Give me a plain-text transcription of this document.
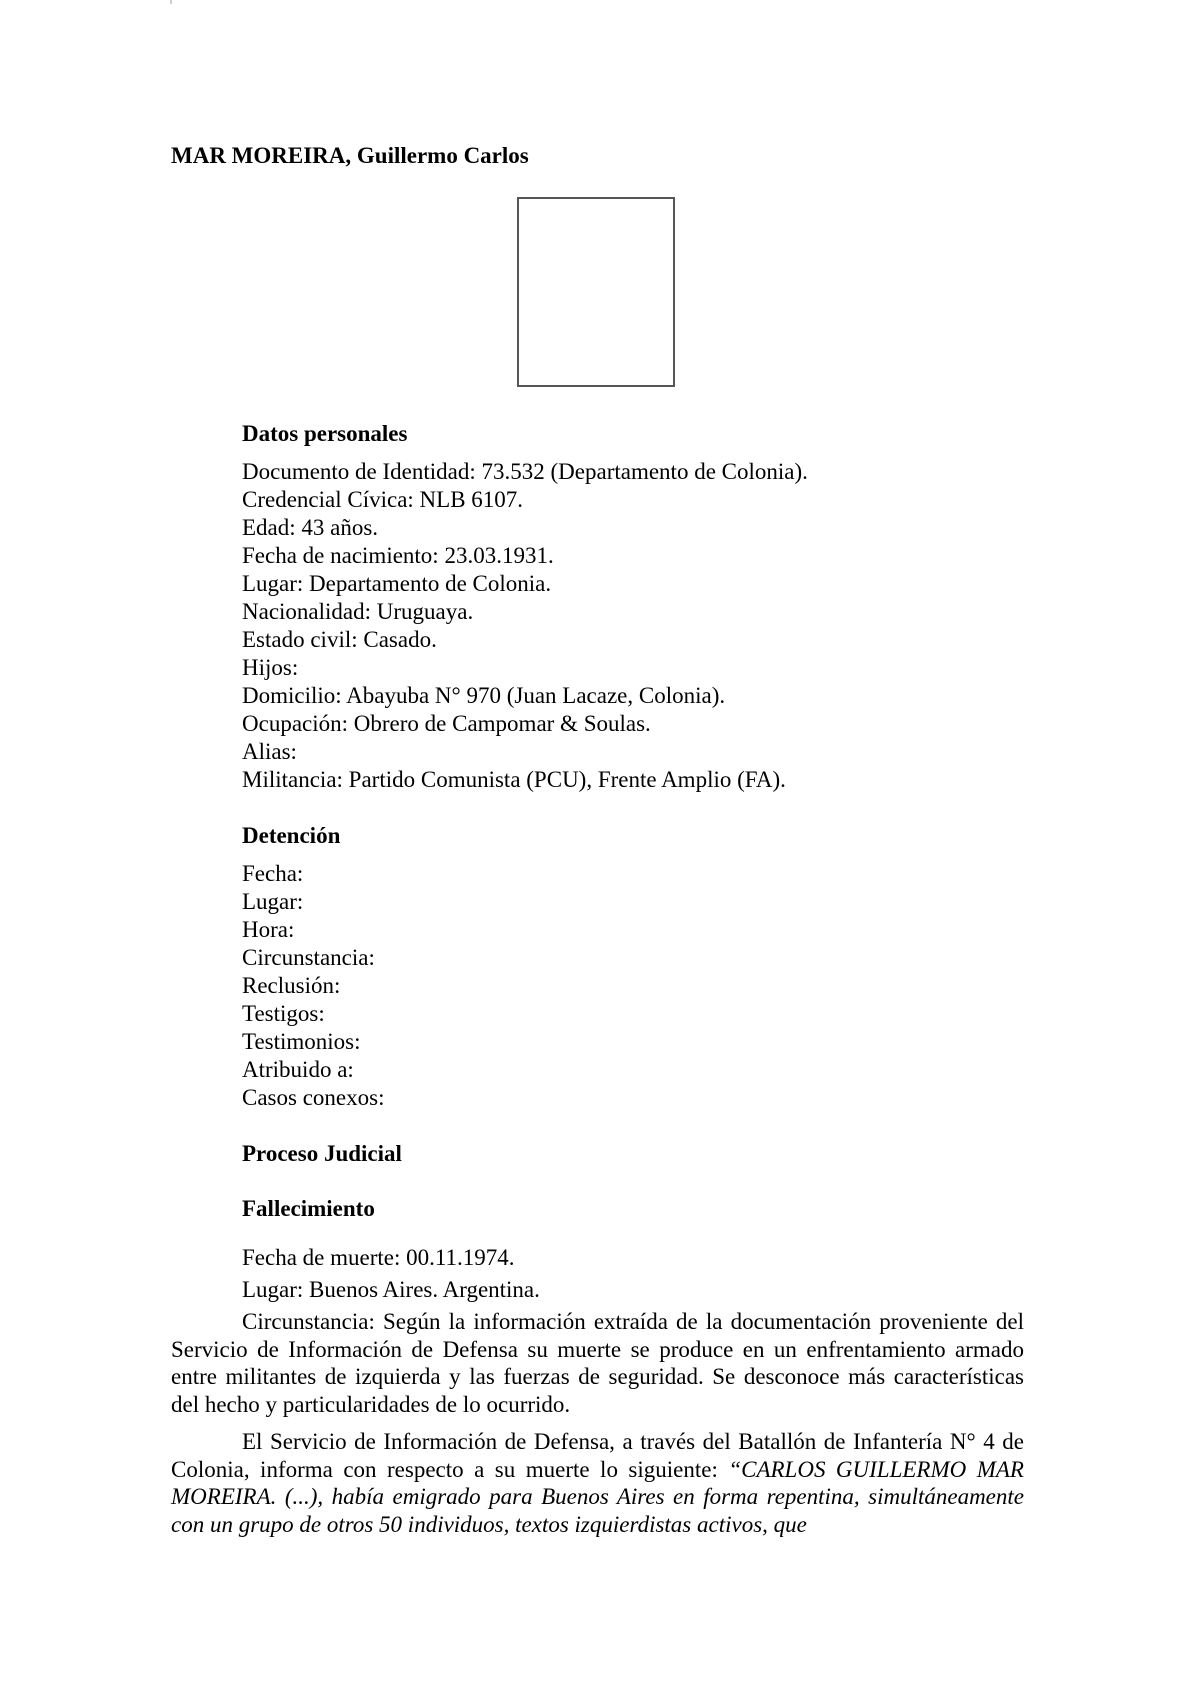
MAR MOREIRA, Guillermo Carlos
Datos personales
Documento de Identidad: 73.532 (Departamento de Colonia).
Credencial Cívica: NLB 6107.
Edad: 43 años.
Fecha de nacimiento: 23.03.1931.
Lugar: Departamento de Colonia.
Nacionalidad: Uruguaya.
Estado civil: Casado.
Hijos:
Domicilio: Abayuba N° 970 (Juan Lacaze, Colonia).
Ocupación: Obrero de Campomar & Soulas.
Alias:
Militancia: Partido Comunista (PCU), Frente Amplio (FA).
Detención
Fecha:
Lugar:
Hora:
Circunstancia:
Reclusión:
Testigos:
Testimonios:
Atribuido a:
Casos conexos:
Proceso Judicial
Fallecimiento
Fecha de muerte: 00.11.1974.
Lugar: Buenos Aires. Argentina.
Circunstancia: Según la información extraída de la documentación proveniente del Servicio de Información de Defensa su muerte se produce en un enfrentamiento armado entre militantes de izquierda y las fuerzas de seguridad. Se desconoce más características del hecho y particularidades de lo ocurrido.
El Servicio de Información de Defensa, a través del Batallón de Infantería N° 4 de Colonia, informa con respecto a su muerte lo siguiente: “CARLOS GUILLERMO MAR MOREIRA. (...), había emigrado para Buenos Aires en forma repentina, simultáneamente con un grupo de otros 50 individuos, textos izquierdistas activos, que
